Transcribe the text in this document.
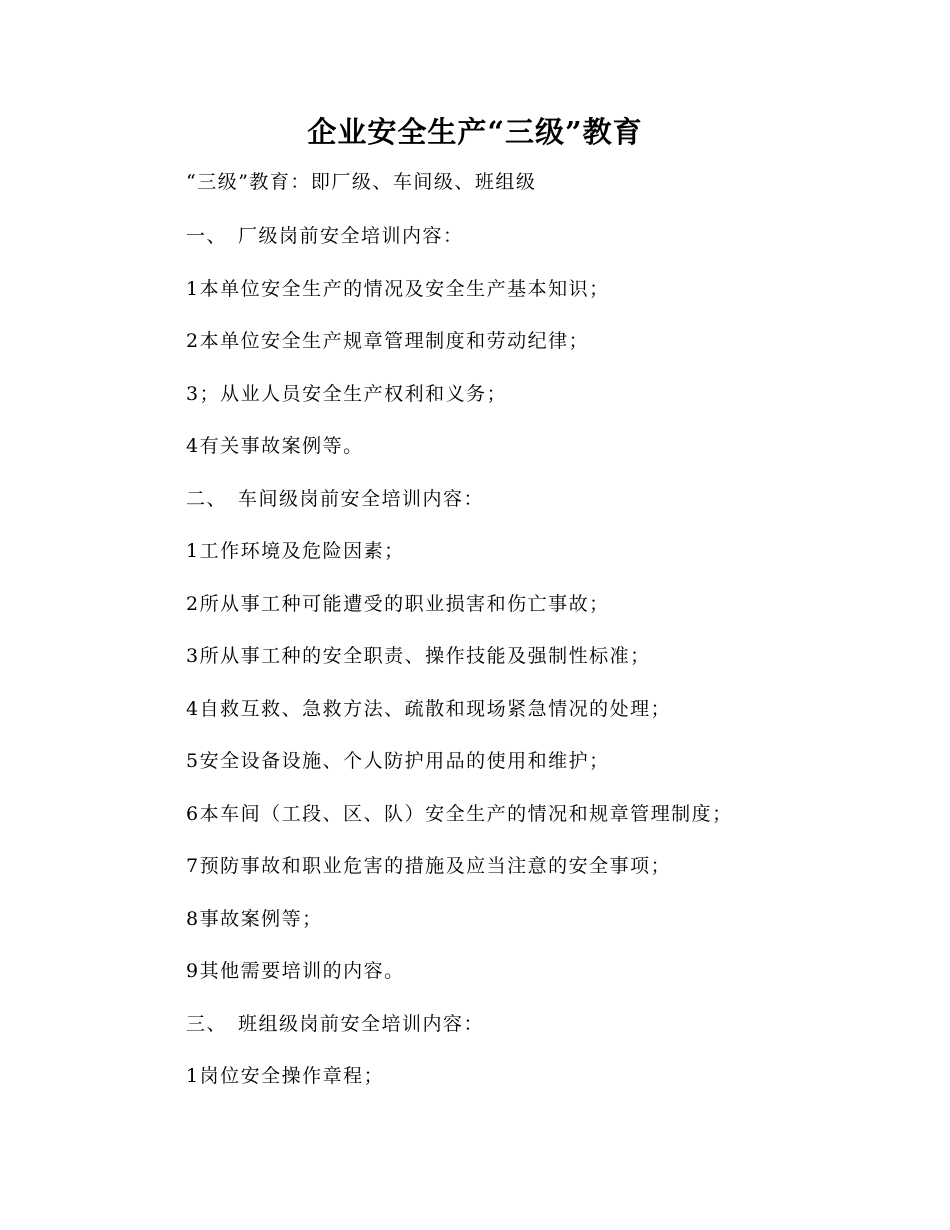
企业安全生产“三级”教育
“三级”教育：即厂级、车间级、班组级
一、 厂级岗前安全培训内容：
1本单位安全生产的情况及安全生产基本知识；
2本单位安全生产规章管理制度和劳动纪律；
3；从业人员安全生产权利和义务；
4有关事故案例等。
二、 车间级岗前安全培训内容：
1工作环境及危险因素；
2所从事工种可能遭受的职业损害和伤亡事故；
3所从事工种的安全职责、操作技能及强制性标准；
4自救互救、急救方法、疏散和现场紧急情况的处理；
5安全设备设施、个人防护用品的使用和维护；
6本车间（工段、区、队）安全生产的情况和规章管理制度；
7预防事故和职业危害的措施及应当注意的安全事项；
8事故案例等；
9其他需要培训的内容。
三、 班组级岗前安全培训内容：
1岗位安全操作章程；
